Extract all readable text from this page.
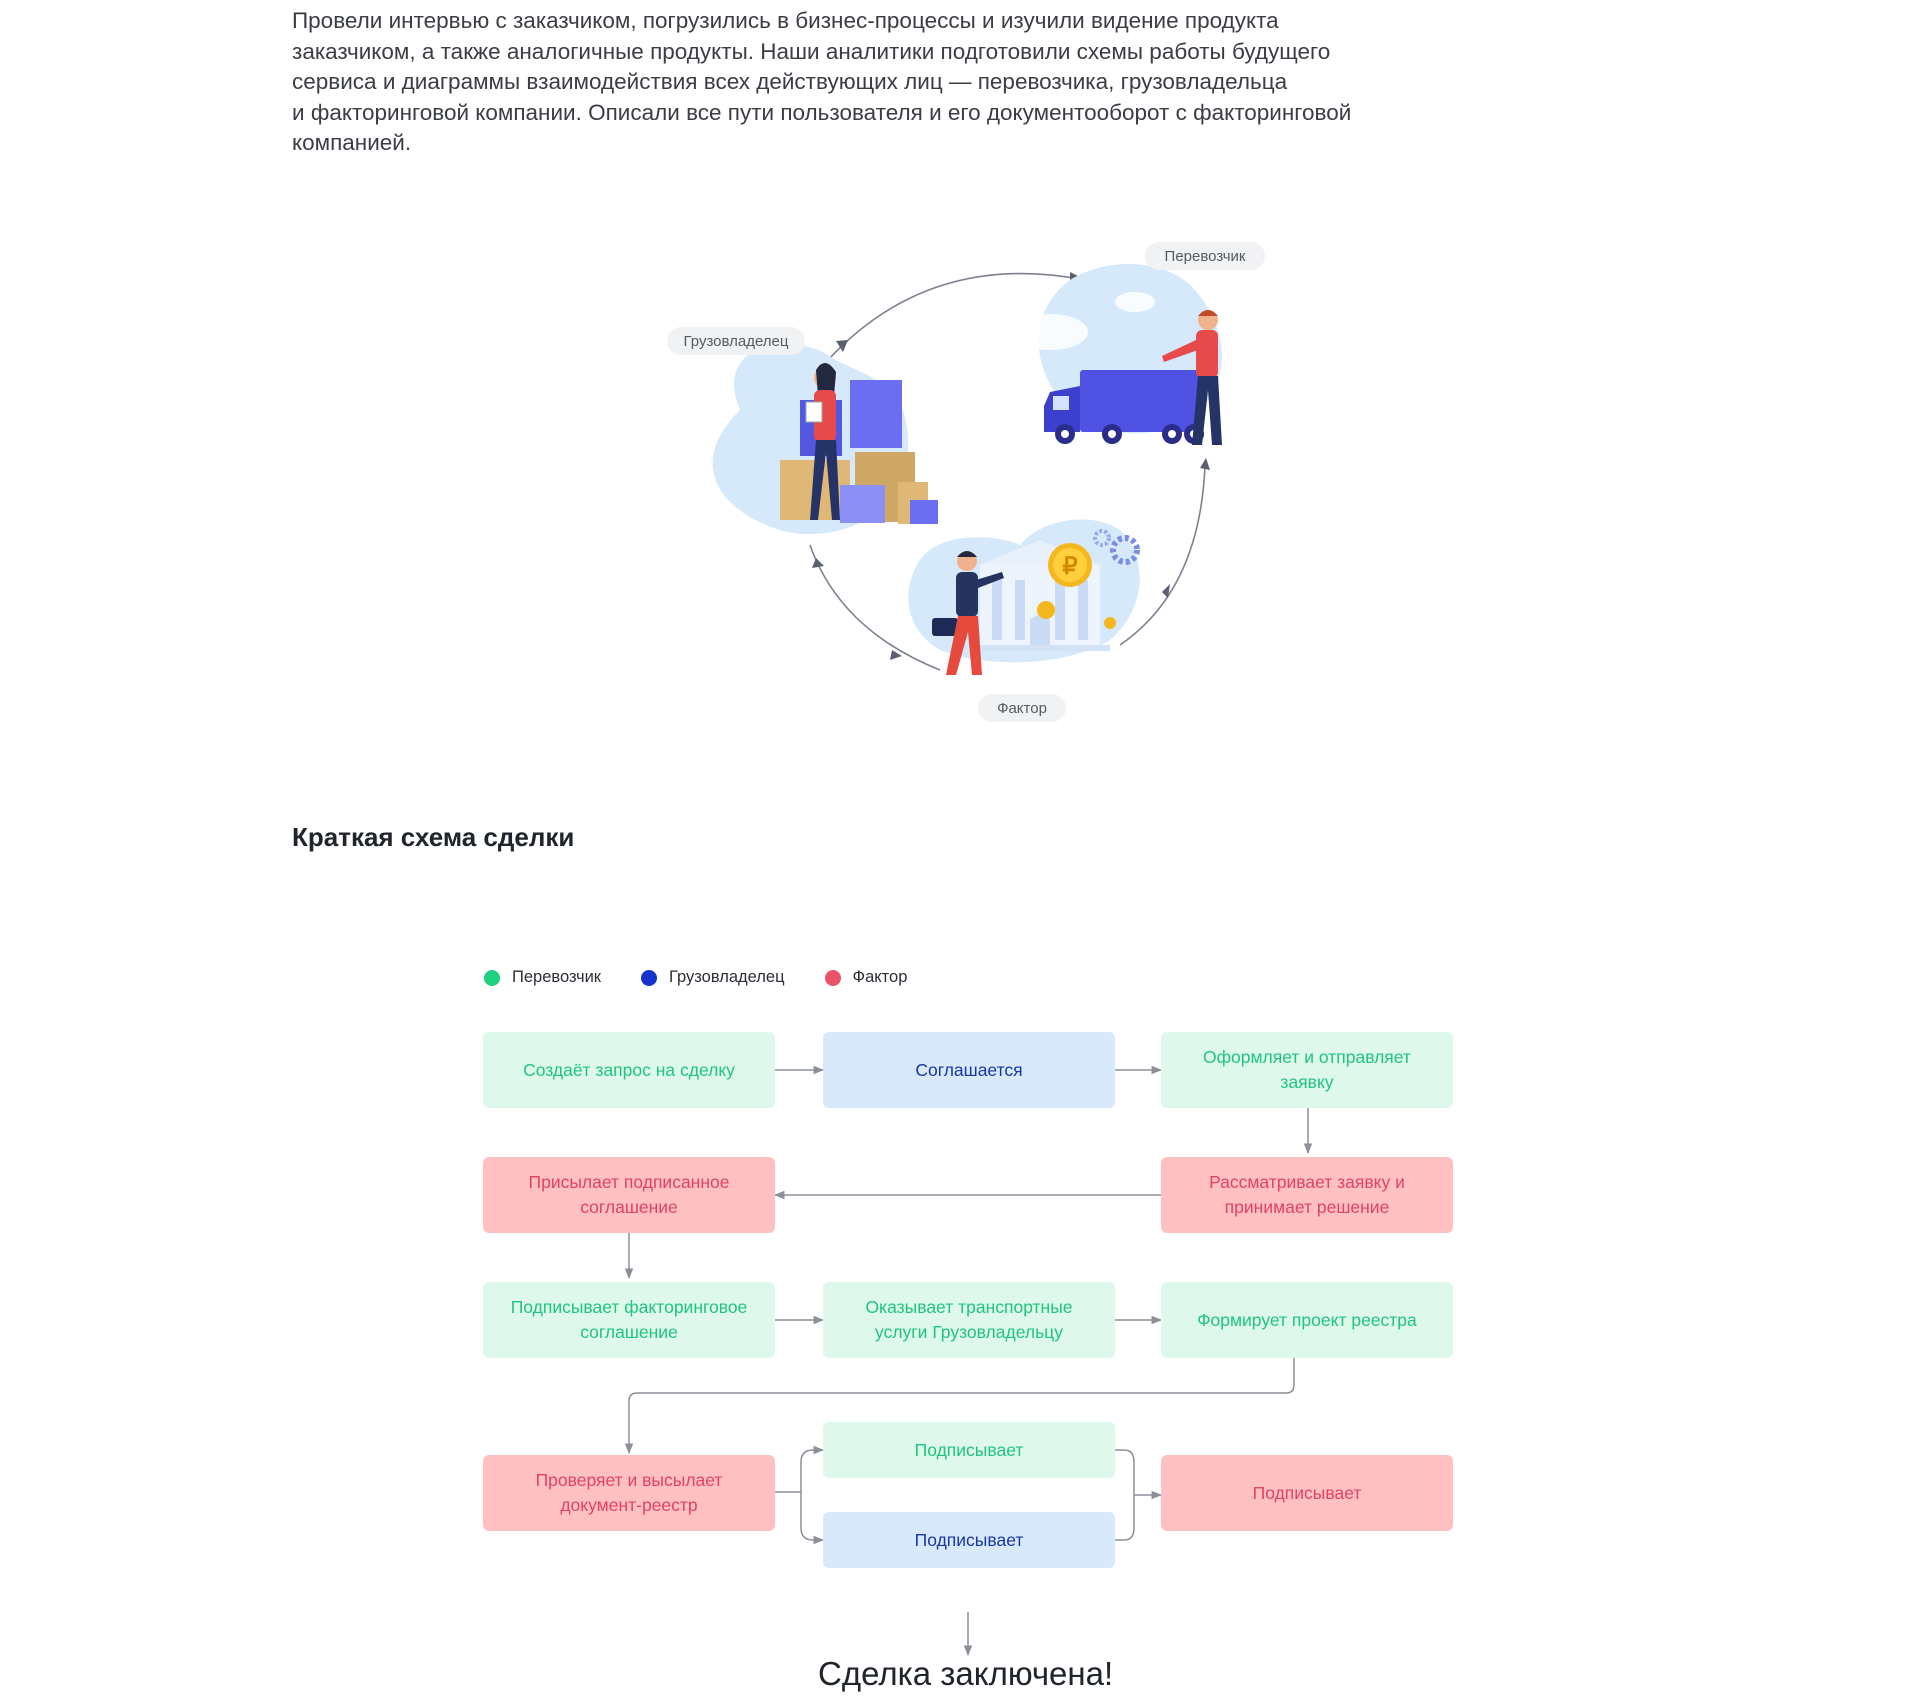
Провели интервью с заказчиком, погрузились в бизнес-процессы и изучили видение продукта
заказчиком, а также аналогичные продукты. Наши аналитики подготовили схемы работы будущего
сервиса и диаграммы взаимодействия всех действующих лиц — перевозчика, грузовладельца
и факторинговой компании. Описали все пути пользователя и его документооборот с факторинговой
компанией.

₽
Перевозчик
Грузовладелец
Фактор
Краткая схема сделки
Перевозчик	Грузовладелец	Фактор
Создаёт запрос на сделку	Соглашается
Оформляет и отправляет заявку
Присылает подписанное соглашение
Рассматривает заявку и принимает решение
Подписывает факторинговое соглашение
Оказывает транспортные услуги Грузовладельцу
Формирует проект реестра
Проверяет и высылает документ-реестр
Подписывает
Подписывает
Подписывает
Сделка заключена!
